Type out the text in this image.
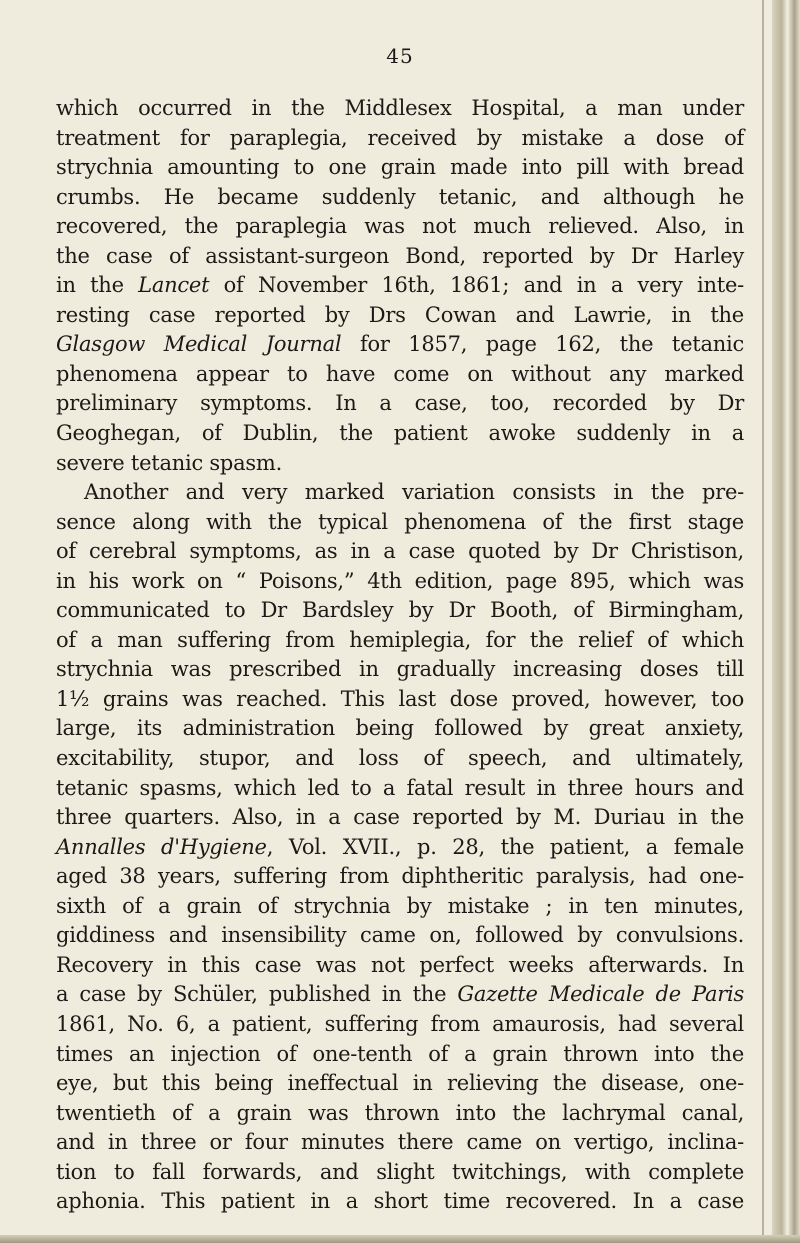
45
which occurred in the Middlesex Hospital, a man under
treatment for paraplegia, received by mistake a dose of
strychnia amounting to one grain made into pill with bread
crumbs. He became suddenly tetanic, and although he
recovered, the paraplegia was not much relieved. Also, in
the case of assistant-surgeon Bond, reported by Dr Harley
in the Lancet of November 16th, 1861; and in a very inte-
resting case reported by Drs Cowan and Lawrie, in the
Glasgow Medical Journal for 1857, page 162, the tetanic
phenomena appear to have come on without any marked
preliminary symptoms. In a case, too, recorded by Dr
Geoghegan, of Dublin, the patient awoke suddenly in a
severe tetanic spasm.
Another and very marked variation consists in the pre-
sence along with the typical phenomena of the first stage
of cerebral symptoms, as in a case quoted by Dr Christison,
in his work on “ Poisons,” 4th edition, page 895, which was
communicated to Dr Bardsley by Dr Booth, of Birmingham,
of a man suffering from hemiplegia, for the relief of which
strychnia was prescribed in gradually increasing doses till
1½ grains was reached. This last dose proved, however, too
large, its administration being followed by great anxiety,
excitability, stupor, and loss of speech, and ultimately,
tetanic spasms, which led to a fatal result in three hours and
three quarters. Also, in a case reported by M. Duriau in the
Annalles d'Hygiene, Vol. XVII., p. 28, the patient, a female
aged 38 years, suffering from diphtheritic paralysis, had one-
sixth of a grain of strychnia by mistake ; in ten minutes,
giddiness and insensibility came on, followed by convulsions.
Recovery in this case was not perfect weeks afterwards. In
a case by Schüler, published in the Gazette Medicale de Paris
1861, No. 6, a patient, suffering from amaurosis, had several
times an injection of one-tenth of a grain thrown into the
eye, but this being ineffectual in relieving the disease, one-
twentieth of a grain was thrown into the lachrymal canal,
and in three or four minutes there came on vertigo, inclina-
tion to fall forwards, and slight twitchings, with complete
aphonia. This patient in a short time recovered. In a case
